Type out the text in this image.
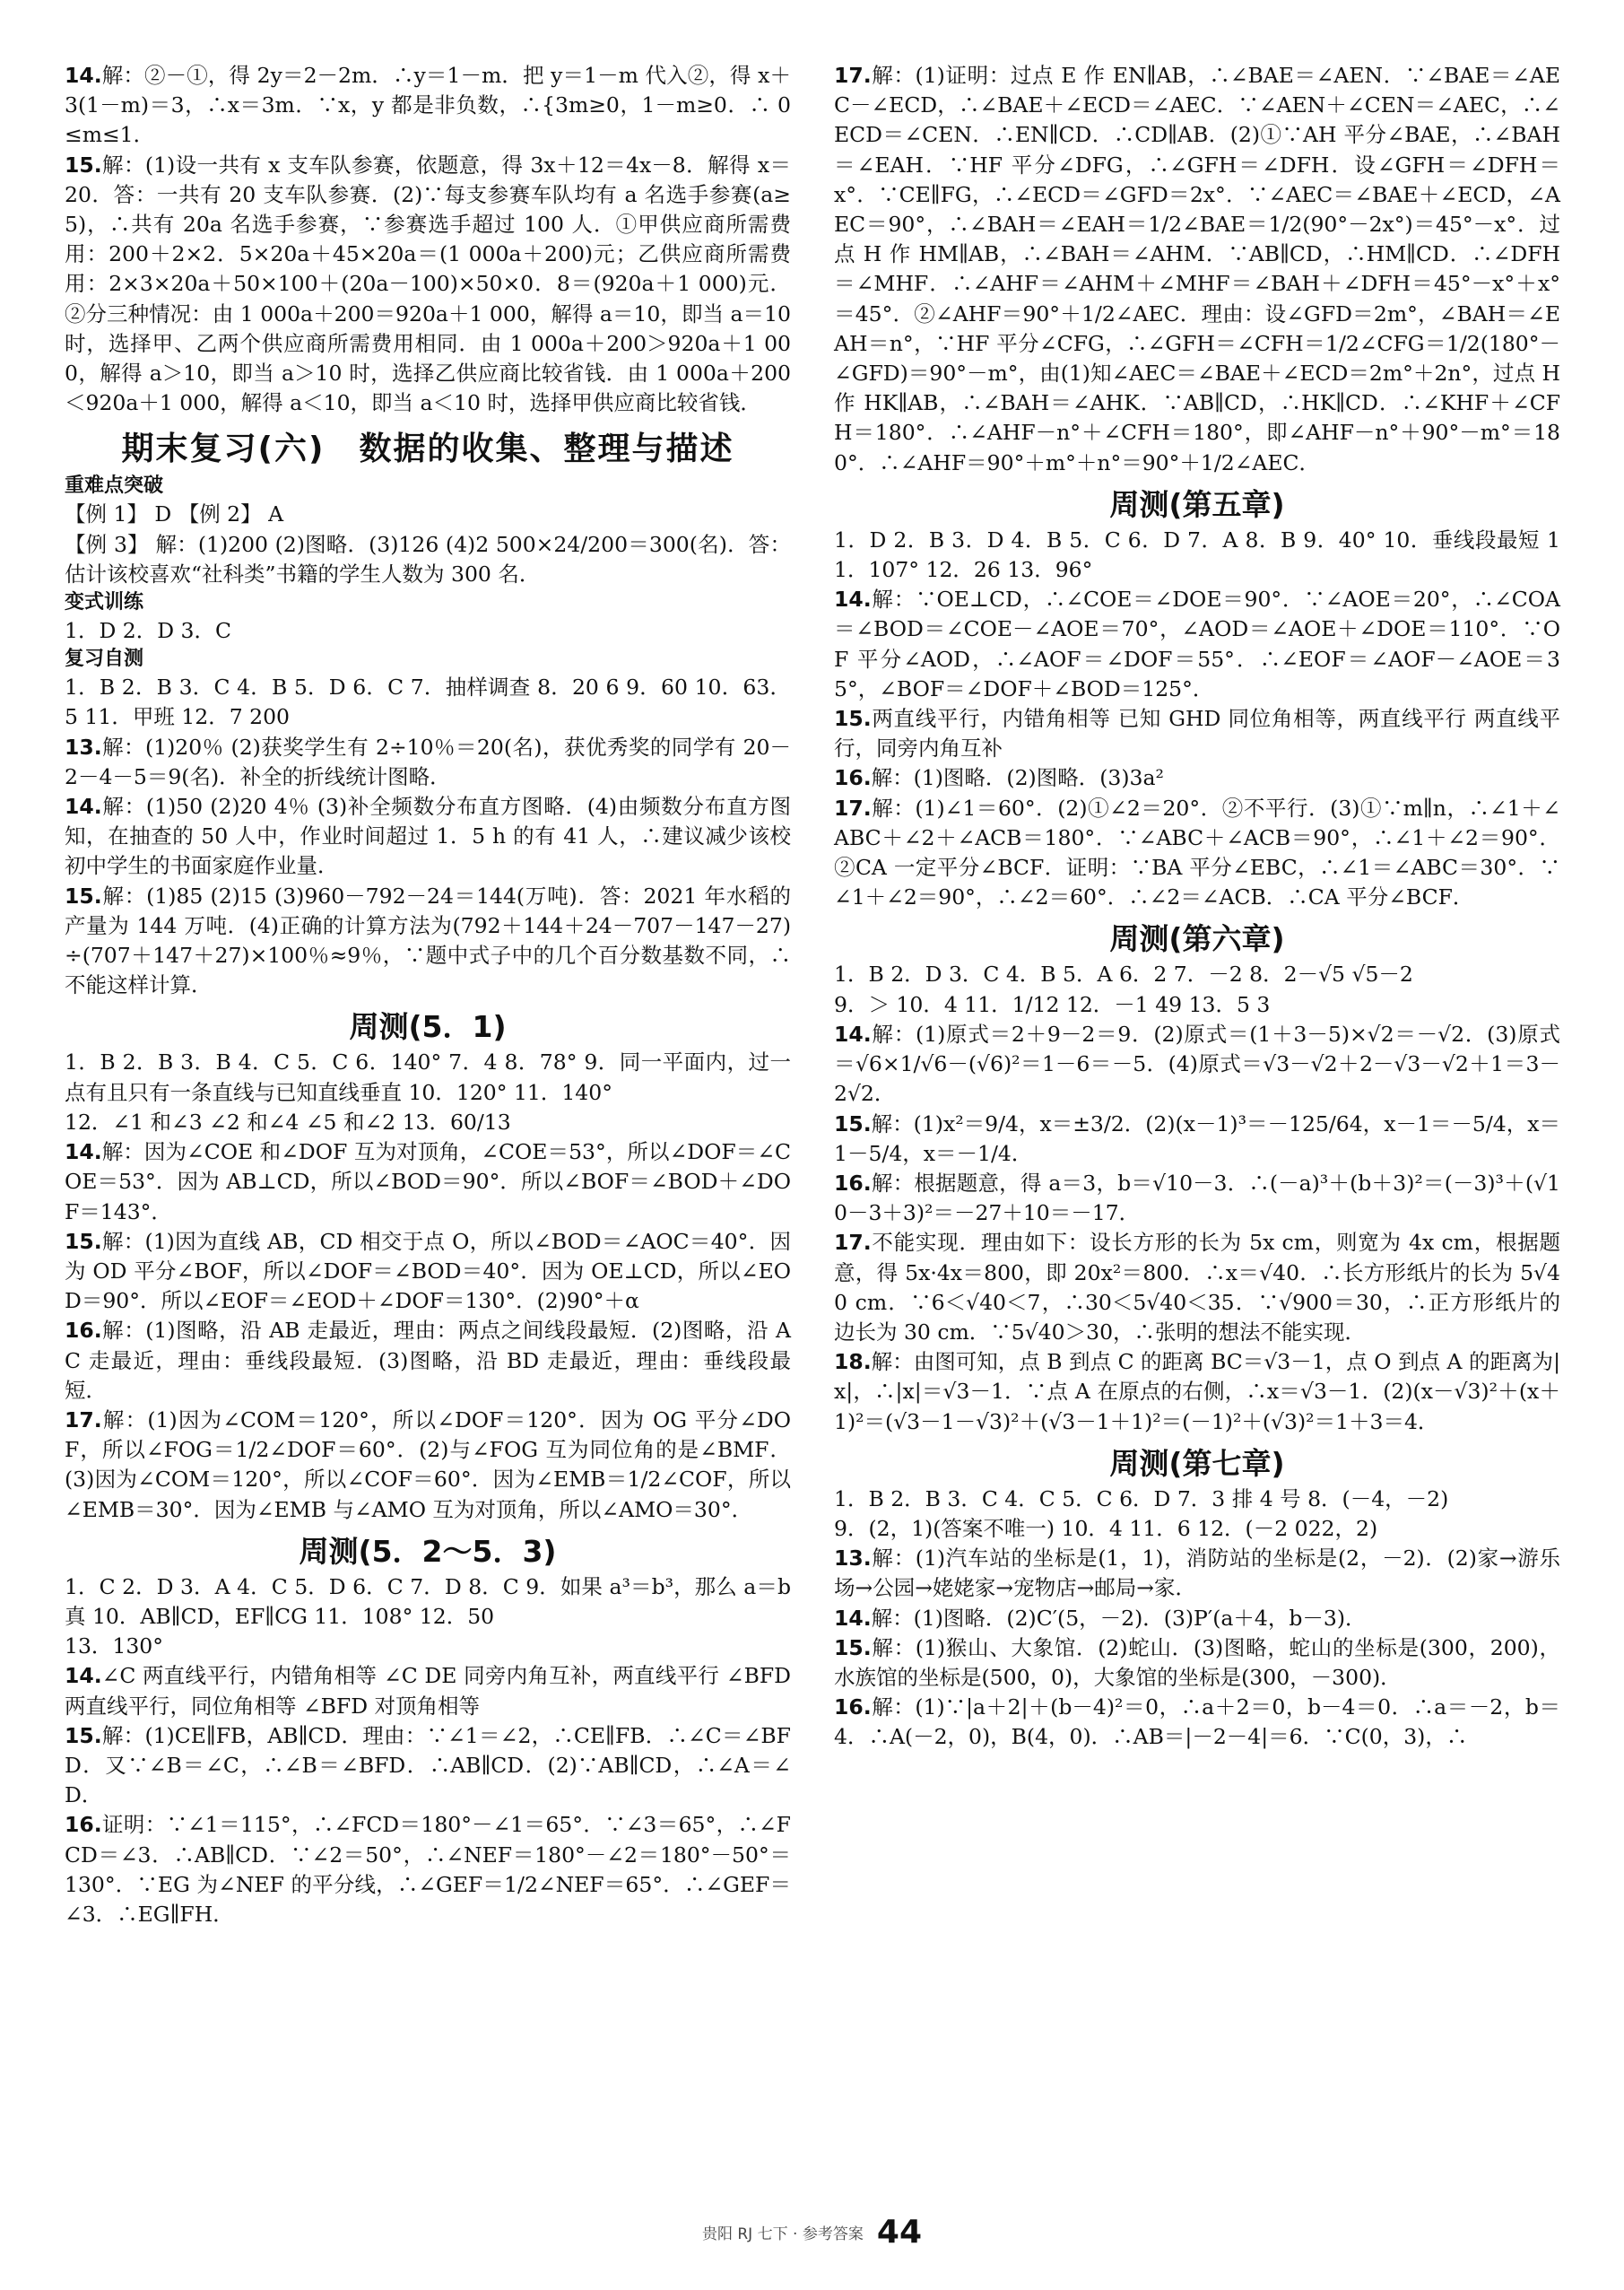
14.解：②－①，得 2y＝2－2m．∴y＝1－m．把 y＝1－m 代入②，得 x＋3(1－m)＝3，∴x＝3m．∵x，y 都是非负数，∴{3m≥0，1－m≥0．∴ 0≤m≤1．

15.解：(1)设一共有 x 支车队参赛，依题意，得 3x＋12＝4x－8．解得 x＝20．答：一共有 20 支车队参赛．(2)∵每支参赛车队均有 a 名选手参赛(a≥5)，∴共有 20a 名选手参赛，∵参赛选手超过 100 人．①甲供应商所需费用：200＋2×2．5×20a＋45×20a＝(1 000a＋200)元；乙供应商所需费用：2×3×20a＋50×100＋(20a－100)×50×0．8＝(920a＋1 000)元．②分三种情况：由 1 000a＋200＝920a＋1 000，解得 a＝10，即当 a＝10 时，选择甲、乙两个供应商所需费用相同．由 1 000a＋200＞920a＋1 000，解得 a＞10，即当 a＞10 时，选择乙供应商比较省钱．由 1 000a＋200＜920a＋1 000，解得 a＜10，即当 a＜10 时，选择甲供应商比较省钱．

期末复习(六)　数据的收集、整理与描述
重难点突破

【例 1】 D 【例 2】 A

【例 3】 解：(1)200 (2)图略．(3)126 (4)2 500×24/200＝300(名)．答：估计该校喜欢“社科类”书籍的学生人数为 300 名．

变式训练

1．D 2．D 3．C

复习自测

1．B 2．B 3．C 4．B 5．D 6．C 7．抽样调查 8．20 6 9．60 10．63．5 11．甲班 12．7 200

13.解：(1)20％ (2)获奖学生有 2÷10％＝20(名)，获优秀奖的同学有 20－2－4－5＝9(名)．补全的折线统计图略．

14.解：(1)50 (2)20 4％ (3)补全频数分布直方图略．(4)由频数分布直方图知，在抽查的 50 人中，作业时间超过 1．5 h 的有 41 人，∴建议减少该校初中学生的书面家庭作业量．

15.解：(1)85 (2)15 (3)960－792－24＝144(万吨)．答：2021 年水稻的产量为 144 万吨．(4)正确的计算方法为(792＋144＋24－707－147－27)÷(707＋147＋27)×100％≈9％，∵题中式子中的几个百分数基数不同，∴不能这样计算．

周测(5．1)

1．B 2．B 3．B 4．C 5．C 6．140° 7．4 8．78° 9．同一平面内，过一点有且只有一条直线与已知直线垂直 10．120° 11．140°

12．∠1 和∠3 ∠2 和∠4 ∠5 和∠2 13．60/13

14.解：因为∠COE 和∠DOF 互为对顶角，∠COE＝53°，所以∠DOF＝∠COE＝53°．因为 AB⊥CD，所以∠BOD＝90°．所以∠BOF＝∠BOD＋∠DOF＝143°．

15.解：(1)因为直线 AB，CD 相交于点 O，所以∠BOD＝∠AOC＝40°．因为 OD 平分∠BOF，所以∠DOF＝∠BOD＝40°．因为 OE⊥CD，所以∠EOD＝90°．所以∠EOF＝∠EOD＋∠DOF＝130°．(2)90°＋α

16.解：(1)图略，沿 AB 走最近，理由：两点之间线段最短．(2)图略，沿 AC 走最近，理由：垂线段最短．(3)图略，沿 BD 走最近，理由：垂线段最短．

17.解：(1)因为∠COM＝120°，所以∠DOF＝120°．因为 OG 平分∠DOF，所以∠FOG＝1/2∠DOF＝60°．(2)与∠FOG 互为同位角的是∠BMF．(3)因为∠COM＝120°，所以∠COF＝60°．因为∠EMB＝1/2∠COF，所以∠EMB＝30°．因为∠EMB 与∠AMO 互为对顶角，所以∠AMO＝30°．

周测(5．2～5．3)

1．C 2．D 3．A 4．C 5．D 6．C 7．D 8．C 9．如果 a³＝b³，那么 a＝b 真 10．AB∥CD，EF∥CG 11．108° 12．50

13．130°

14.∠C 两直线平行，内错角相等 ∠C DE 同旁内角互补，两直线平行 ∠BFD 两直线平行，同位角相等 ∠BFD 对顶角相等

15.解：(1)CE∥FB，AB∥CD．理由：∵∠1＝∠2，∴CE∥FB．∴∠C＝∠BFD．又∵∠B＝∠C，∴∠B＝∠BFD．∴AB∥CD．(2)∵AB∥CD，∴∠A＝∠D．

16.证明：∵∠1＝115°，∴∠FCD＝180°－∠1＝65°．∵∠3＝65°，∴∠FCD＝∠3．∴AB∥CD．∵∠2＝50°，∴∠NEF＝180°－∠2＝180°－50°＝130°．∵EG 为∠NEF 的平分线，∴∠GEF＝1/2∠NEF＝65°．∴∠GEF＝∠3．∴EG∥FH．

17.解：(1)证明：过点 E 作 EN∥AB，∴∠BAE＝∠AEN．∵∠BAE＝∠AEC－∠ECD，∴∠BAE＋∠ECD＝∠AEC．∵∠AEN＋∠CEN＝∠AEC，∴∠ECD＝∠CEN．∴EN∥CD．∴CD∥AB．(2)①∵AH 平分∠BAE，∴∠BAH＝∠EAH．∵HF 平分∠DFG，∴∠GFH＝∠DFH．设∠GFH＝∠DFH＝x°．∵CE∥FG，∴∠ECD＝∠GFD＝2x°．∵∠AEC＝∠BAE＋∠ECD，∠AEC＝90°，∴∠BAH＝∠EAH＝1/2∠BAE＝1/2(90°－2x°)＝45°－x°．过点 H 作 HM∥AB，∴∠BAH＝∠AHM．∵AB∥CD，∴HM∥CD．∴∠DFH＝∠MHF．∴∠AHF＝∠AHM＋∠MHF＝∠BAH＋∠DFH＝45°－x°＋x°＝45°．②∠AHF＝90°＋1/2∠AEC．理由：设∠GFD＝2m°，∠BAH＝∠EAH＝n°，∵HF 平分∠CFG，∴∠GFH＝∠CFH＝1/2∠CFG＝1/2(180°－∠GFD)＝90°－m°，由(1)知∠AEC＝∠BAE＋∠ECD＝2m°＋2n°，过点 H 作 HK∥AB，∴∠BAH＝∠AHK．∵AB∥CD，∴HK∥CD．∴∠KHF＋∠CFH＝180°．∴∠AHF－n°＋∠CFH＝180°，即∠AHF－n°＋90°－m°＝180°．∴∠AHF＝90°＋m°＋n°＝90°＋1/2∠AEC．

周测(第五章)

1．D 2．B 3．D 4．B 5．C 6．D 7．A 8．B 9．40° 10．垂线段最短 11．107° 12．26 13．96°

14.解：∵OE⊥CD，∴∠COE＝∠DOE＝90°．∵∠AOE＝20°，∴∠COA＝∠BOD＝∠COE－∠AOE＝70°，∠AOD＝∠AOE＋∠DOE＝110°．∵OF 平分∠AOD，∴∠AOF＝∠DOF＝55°．∴∠EOF＝∠AOF－∠AOE＝35°，∠BOF＝∠DOF＋∠BOD＝125°．

15.两直线平行，内错角相等 已知 GHD 同位角相等，两直线平行 两直线平行，同旁内角互补

16.解：(1)图略．(2)图略．(3)3a²

17.解：(1)∠1＝60°．(2)①∠2＝20°．②不平行．(3)①∵m∥n，∴∠1＋∠ABC＋∠2＋∠ACB＝180°．∵∠ABC＋∠ACB＝90°，∴∠1＋∠2＝90°．②CA 一定平分∠BCF．证明：∵BA 平分∠EBC，∴∠1＝∠ABC＝30°．∵∠1＋∠2＝90°，∴∠2＝60°．∴∠2＝∠ACB．∴CA 平分∠BCF．

周测(第六章)

1．B 2．D 3．C 4．B 5．A 6．2 7．－2 8．2－√5 √5－2

9．＞ 10．4 11．1/12 12．－1 49 13．5 3

14.解：(1)原式＝2＋9－2＝9．(2)原式＝(1＋3－5)×√2＝－√2．(3)原式＝√6×1/√6－(√6)²＝1－6＝－5．(4)原式＝√3－√2＋2－√3－√2＋1＝3－2√2．

15.解：(1)x²＝9/4，x＝±3/2．(2)(x－1)³＝－125/64，x－1＝－5/4，x＝1－5/4，x＝－1/4．

16.解：根据题意，得 a＝3，b＝√10－3．∴(－a)³＋(b＋3)²＝(－3)³＋(√10－3＋3)²＝－27＋10＝－17．

17.不能实现．理由如下：设长方形的长为 5x cm，则宽为 4x cm，根据题意，得 5x·4x＝800，即 20x²＝800．∴x＝√40．∴长方形纸片的长为 5√40 cm．∵6＜√40＜7，∴30＜5√40＜35．∵√900＝30，∴正方形纸片的边长为 30 cm．∵5√40＞30，∴张明的想法不能实现．

18.解：由图可知，点 B 到点 C 的距离 BC＝√3－1，点 O 到点 A 的距离为|x|，∴|x|＝√3－1．∵点 A 在原点的右侧，∴x＝√3－1．(2)(x－√3)²＋(x＋1)²＝(√3－1－√3)²＋(√3－1＋1)²＝(－1)²＋(√3)²＝1＋3＝4．

周测(第七章)

1．B 2．B 3．C 4．C 5．C 6．D 7．3 排 4 号 8．(－4，－2)

9．(2，1)(答案不唯一) 10．4 11．6 12．(－2 022，2)

13.解：(1)汽车站的坐标是(1，1)，消防站的坐标是(2，－2)．(2)家→游乐场→公园→姥姥家→宠物店→邮局→家．

14.解：(1)图略．(2)C′(5，－2)．(3)P′(a＋4，b－3)．

15.解：(1)猴山、大象馆．(2)蛇山．(3)图略，蛇山的坐标是(300，200)，水族馆的坐标是(500，0)，大象馆的坐标是(300，－300)．

16.解：(1)∵|a＋2|＋(b－4)²＝0，∴a＋2＝0，b－4＝0．∴a＝－2，b＝4．∴A(－2，0)，B(4，0)．∴AB＝|－2－4|＝6．∵C(0，3)，∴

贵阳 RJ 七下 · 参考答案 44
